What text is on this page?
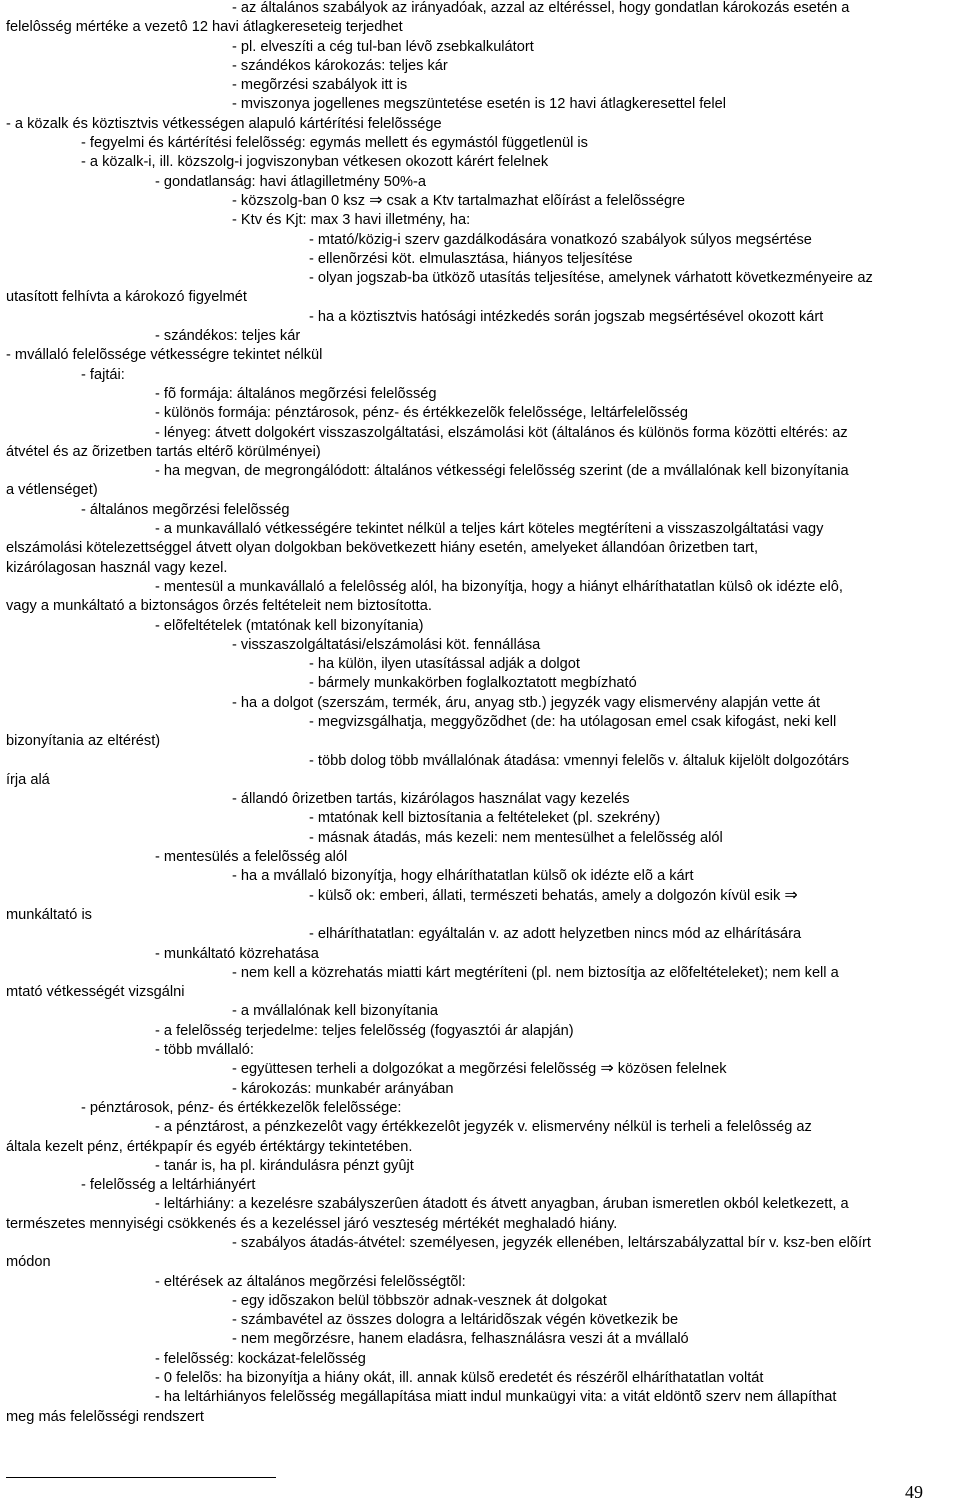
- az általános szabályok az irányadóak, azzal az eltéréssel, hogy gondatlan károkozás esetén a
felelôsség mértéke a vezetô 12 havi átlagkereseteig terjedhet
- pl. elveszíti a cég tul-ban lévõ zsebkalkulátort
- szándékos károkozás: teljes kár
- megõrzési szabályok itt is
- mviszonya jogellenes megszüntetése esetén is 12 havi átlagkeresettel felel
- a közalk és köztisztvis vétkességen alapuló kártérítési felelõssége
- fegyelmi és kártérítési felelõsség: egymás mellett és egymástól függetlenül is
- a közalk-i, ill. közszolg-i jogviszonyban vétkesen okozott kárért felelnek
- gondatlanság: havi átlagilletmény 50%-a
- közszolg-ban 0 ksz ⇒ csak a Ktv tartalmazhat elõírást a felelõsségre
- Ktv és Kjt: max 3 havi illetmény, ha:
- mtató/közig-i szerv gazdálkodására vonatkozó szabályok súlyos megsértése
- ellenõrzési köt. elmulasztása, hiányos teljesítése
- olyan jogszab-ba ütközõ utasítás teljesítése, amelynek várhatott következményeire az
utasított felhívta a károkozó figyelmét
- ha a köztisztvis hatósági intézkedés során jogszab megsértésével okozott kárt
- szándékos: teljes kár
- mvállaló felelõssége vétkességre tekintet nélkül
- fajtái:
- fõ formája: általános megõrzési felelõsség
- különös formája: pénztárosok, pénz- és értékkezelõk felelõssége, leltárfelelõsség
- lényeg: átvett dolgokért visszaszolgáltatási, elszámolási köt (általános és különös forma közötti eltérés: az
átvétel és az õrizetben tartás eltérõ körülményei)
- ha megvan, de megrongálódott: általános vétkességi felelõsség szerint (de a mvállalónak kell bizonyítania
a vétlenséget)
- általános megõrzési felelõsség
- a munkavállaló vétkességére tekintet nélkül a teljes kárt köteles megtéríteni a visszaszolgáltatási vagy
elszámolási kötelezettséggel átvett olyan dolgokban bekövetkezett hiány esetén, amelyeket állandóan ôrizetben tart,
kizárólagosan használ vagy kezel.
- mentesül a munkavállaló a felelôsség alól, ha bizonyítja, hogy a hiányt elháríthatatlan külsô ok idézte elô,
vagy a munkáltató a biztonságos ôrzés feltételeit nem biztosította.
- elõfeltételek (mtatónak kell bizonyítania)
- visszaszolgáltatási/elszámolási köt. fennállása
- ha külön, ilyen utasítással adják a dolgot
- bármely munkakörben foglalkoztatott megbízható
- ha a dolgot (szerszám, termék, áru, anyag stb.) jegyzék vagy elismervény alapján vette át
- megvizsgálhatja, meggyõzõdhet (de: ha utólagosan emel csak kifogást, neki kell
bizonyítania az eltérést)
- több dolog több mvállalónak átadása: vmennyi felelõs v. általuk kijelölt dolgozótárs
írja alá
- állandó ôrizetben tartás, kizárólagos használat vagy kezelés
- mtatónak kell biztosítania a feltételeket (pl. szekrény)
- másnak átadás, más kezeli: nem mentesülhet a felelõsség alól
- mentesülés a felelõsség alól
- ha a mvállaló bizonyítja, hogy elháríthatatlan külsõ ok idézte elõ a kárt
- külsõ ok: emberi, állati, természeti behatás, amely a dolgozón kívül esik ⇒
munkáltató is
- elháríthatatlan: egyáltalán v. az adott helyzetben nincs mód az elhárítására
- munkáltató közrehatása
- nem kell a közrehatás miatti kárt megtéríteni (pl. nem biztosítja az elõfeltételeket); nem kell a
mtató vétkességét vizsgálni
- a mvállalónak kell bizonyítania
- a felelõsség terjedelme: teljes felelõsség (fogyasztói ár alapján)
- több mvállaló:
- együttesen terheli a dolgozókat a megõrzési felelõsség ⇒ közösen felelnek
- károkozás: munkabér arányában
- pénztárosok, pénz- és értékkezelõk felelõssége:
- a pénztárost, a pénzkezelôt vagy értékkezelôt jegyzék v. elismervény nélkül is terheli a felelôsség az
általa kezelt pénz, értékpapír és egyéb értéktárgy tekintetében.
- tanár is, ha pl. kirándulásra pénzt gyûjt
- felelõsség a leltárhiányért
- leltárhiány: a kezelésre szabályszerûen átadott és átvett anyagban, áruban ismeretlen okból keletkezett, a
természetes mennyiségi csökkenés és a kezeléssel járó veszteség mértékét meghaladó hiány.
- szabályos átadás-átvétel: személyesen, jegyzék ellenében, leltárszabályzattal bír v. ksz-ben elõírt
módon
- eltérések az általános megõrzési felelõsségtõl:
- egy idõszakon belül többször adnak-vesznek át dolgokat
- számbavétel az összes dologra a leltáridõszak végén következik be
- nem megõrzésre, hanem eladásra, felhasználásra veszi át a mvállaló
- felelõsség: kockázat-felelõsség
- 0 felelõs: ha bizonyítja a hiány okát, ill. annak külsõ eredetét és részérõl elháríthatatlan voltát
- ha leltárhiányos felelõsség megállapítása miatt indul munkaügyi vita: a vitát eldöntõ szerv nem állapíthat
meg más felelõsségi rendszert
49
